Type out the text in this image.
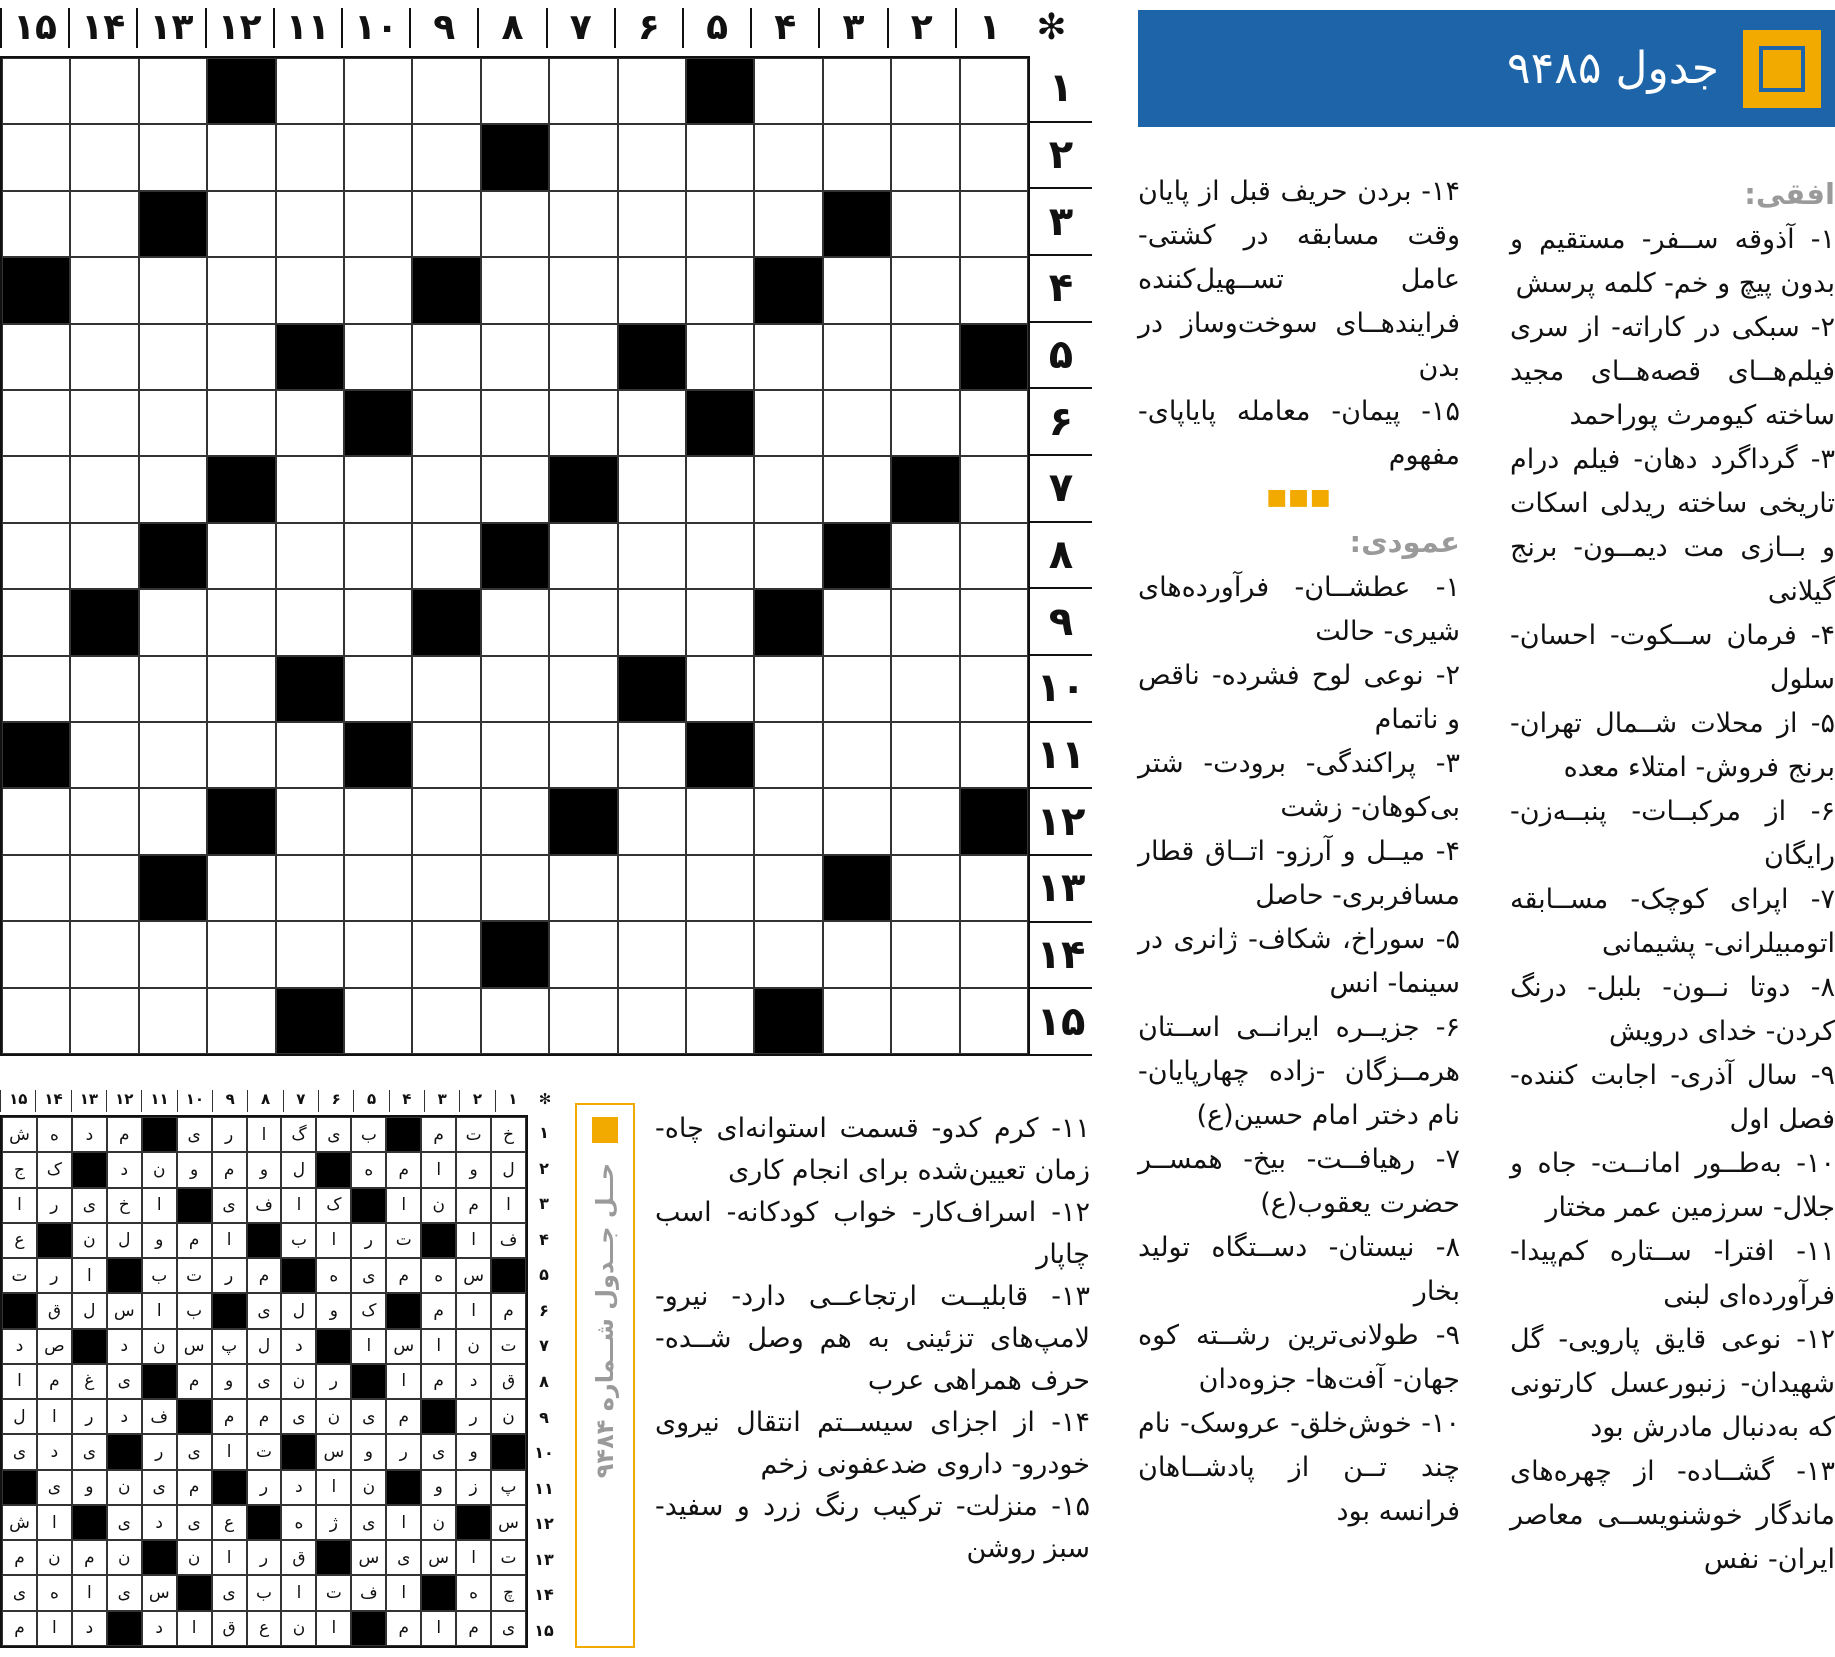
✻
۱
۲
۳
۴
۵
۶
۷
۸
۹
۱۰
۱۱
۱۲
۱۳
۱۴
۱۵
۱
۲
۳
۴
۵
۶
۷
۸
۹
۱۰
۱۱
۱۲
۱۳
۱۴
۱۵
جدول ۹۴۸۵
افقی:
۱- آذوقه ســفر- مستقیم و بدون پیچ و خم- کلمه پرسش
۲- سبکی در کاراته- از سری فیلم‌هــای قصه‌هــای مجید ساخته کیومرث پوراحمد
۳- گرداگرد دهان- فیلم درام تاریخی ساخته ریدلی اسکات و بــازی مت دیمــون- برنج گیلانی
۴- فرمان ســکوت- احسان- سلول
۵- از محلات شــمال تهران- برنج فروش- امتلاء معده
۶- از مرکبــات- پنبــه‌زن- رایگان
۷- اپرای کوچک- مســابقه اتومبیلرانی- پشیمانی
۸- دوتا نــون- بلبل- درنگ کردن- خدای درویش
۹- سال آذری- اجابت کننده- فصل اول
۱۰- به‌طــور امانــت- جاه و جلال- سرزمین عمر مختار
۱۱- افترا- ســتاره کم‌پیدا- فرآورده‌ای لبنی
۱۲- نوعی قایق پارویی- گل شهیدان- زنبورعسل کارتونی که به‌دنبال مادرش بود
۱۳- گشــاده- از چهره‌های ماندگار خوشنویســی معاصر ایران- نفس
۱۴- بردن حریف قبل از پایان وقت مسابقه در کشتی- عامل تســهیل‌کننده فرایندهــای سوخت‌وساز در بدن
۱۵- پیمان- معامله پایاپای- مفهوم
■■■
عمودی:
۱- عطشــان- فرآورده‌های شیری- حالت
۲- نوعی لوح فشرده- ناقص و ناتمام
۳- پراکندگی- برودت- شتر بی‌کوهان- زشت
۴- میــل و آرزو- اتــاق قطار مسافربری- حاصل
۵- سوراخ، شکاف- ژانری در سینما- انس
۶- جزیــره ایرانــی اســتان هرمــزگان -زاده چهارپایان- نام دختر امام حسین(ع)
۷- رهیافــت- بیخ- همســر حضرت یعقوب(ع)
۸- نیستان- دســتگاه تولید بخار
۹- طولانی‌ترین رشــته کوه جهان- آفت‌ها- جزوه‌دان
۱۰- خوش‌خلق- عروسک- نام چند تــن از پادشــاهان فرانسه بود
۱۱- کرم کدو- قسمت استوانه‌ای چاه- زمان تعیین‌شده برای انجام کاری
۱۲- اسراف‌کار- خواب کودکانه- اسب چاپار
۱۳- قابلیــت ارتجاعــی دارد- نیرو- لامپ‌های تزئینی به هم وصل شــده- حرف همراهی عرب
۱۴- از اجزای سیســتم انتقال نیروی خودرو- داروی ضدعفونی زخم
۱۵- منزلت- ترکیب رنگ زرد و سفید- سبز روشن
حــل جــدول شــماره ۹۴۸۴
✻
۱
۲
۳
۴
۵
۶
۷
۸
۹
۱۰
۱۱
۱۲
۱۳
۱۴
۱۵
خ
ت
م
ب
ی
گ
ا
ر
ی
م
د
ه
ش
ل
و
ا
م
ه
ل
و
م
و
ن
د
ک
ج
ا
م
ن
ا
ک
ا
ف
ی
ا
خ
ی
ر
ا
ف
ا
ت
ر
ا
ب
ا
م
و
ل
ن
ع
س
ه
م
ی
ه
م
ر
ت
ب
ا
ر
ت
م
ا
م
ک
و
ل
ی
ب
ا
س
ل
ق
ت
ن
ا
س
ا
د
ل
پ
س
ن
د
ص
د
ق
د
م
ا
ر
ن
ی
و
م
ی
غ
م
ا
ن
ر
م
ی
ن
ی
م
م
ف
د
ر
ا
ل
و
ی
ر
و
س
ت
ا
ی
ر
ی
د
ی
پ
ز
و
ن
ا
د
ر
م
ی
ن
و
ی
س
ن
ا
ی
ژ
ه
ع
ی
د
ی
ا
ش
ت
ا
س
ی
س
ق
ر
ا
ن
ن
م
ن
م
چ
ه
ا
ف
ت
ا
ب
ی
س
ی
ا
ه
ی
ی
م
ا
م
ا
ن
ع
ق
ا
د
د
ا
م
۱
۲
۳
۴
۵
۶
۷
۸
۹
۱۰
۱۱
۱۲
۱۳
۱۴
۱۵
